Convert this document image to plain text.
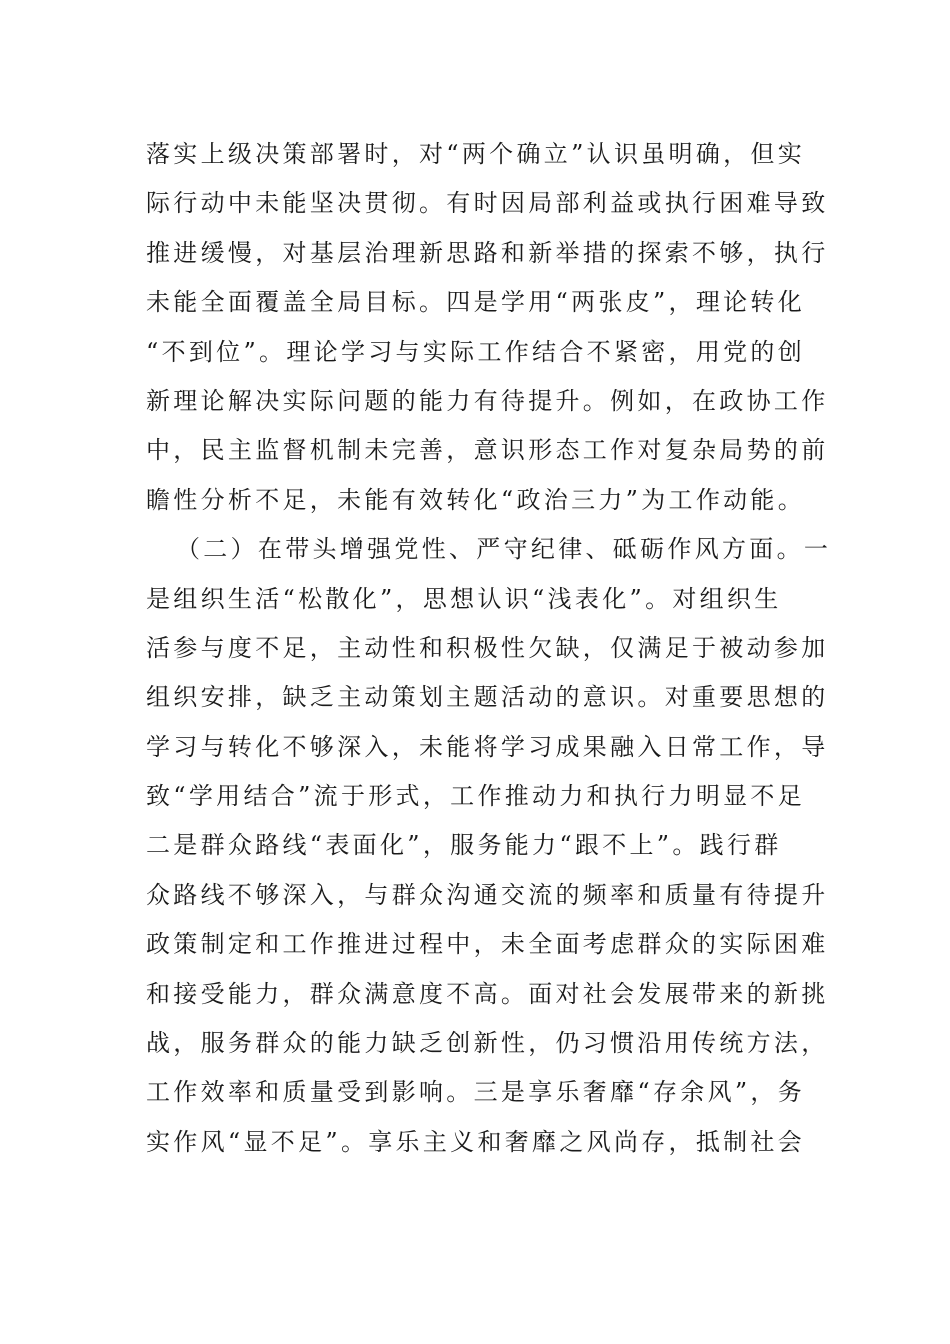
落实上级决策部署时，对“两个确立”认识虽明确，但实
际行动中未能坚决贯彻。有时因局部利益或执行困难导致
推进缓慢，对基层治理新思路和新举措的探索不够，执行
未能全面覆盖全局目标。四是学用“两张皮”，理论转化
“不到位”。理论学习与实际工作结合不紧密，用党的创
新理论解决实际问题的能力有待提升。例如，在政协工作
中，民主监督机制未完善，意识形态工作对复杂局势的前
瞻性分析不足，未能有效转化“政治三力”为工作动能。
（二）在带头增强党性、严守纪律、砥砺作风方面。一
是组织生活“松散化”，思想认识“浅表化”。对组织生
活参与度不足，主动性和积极性欠缺，仅满足于被动参加
组织安排，缺乏主动策划主题活动的意识。对重要思想的
学习与转化不够深入，未能将学习成果融入日常工作，导
致“学用结合”流于形式，工作推动力和执行力明显不足
二是群众路线“表面化”，服务能力“跟不上”。践行群
众路线不够深入，与群众沟通交流的频率和质量有待提升
政策制定和工作推进过程中，未全面考虑群众的实际困难
和接受能力，群众满意度不高。面对社会发展带来的新挑
战，服务群众的能力缺乏创新性，仍习惯沿用传统方法，
工作效率和质量受到影响。三是享乐奢靡“存余风”，务
实作风“显不足”。享乐主义和奢靡之风尚存，抵制社会
